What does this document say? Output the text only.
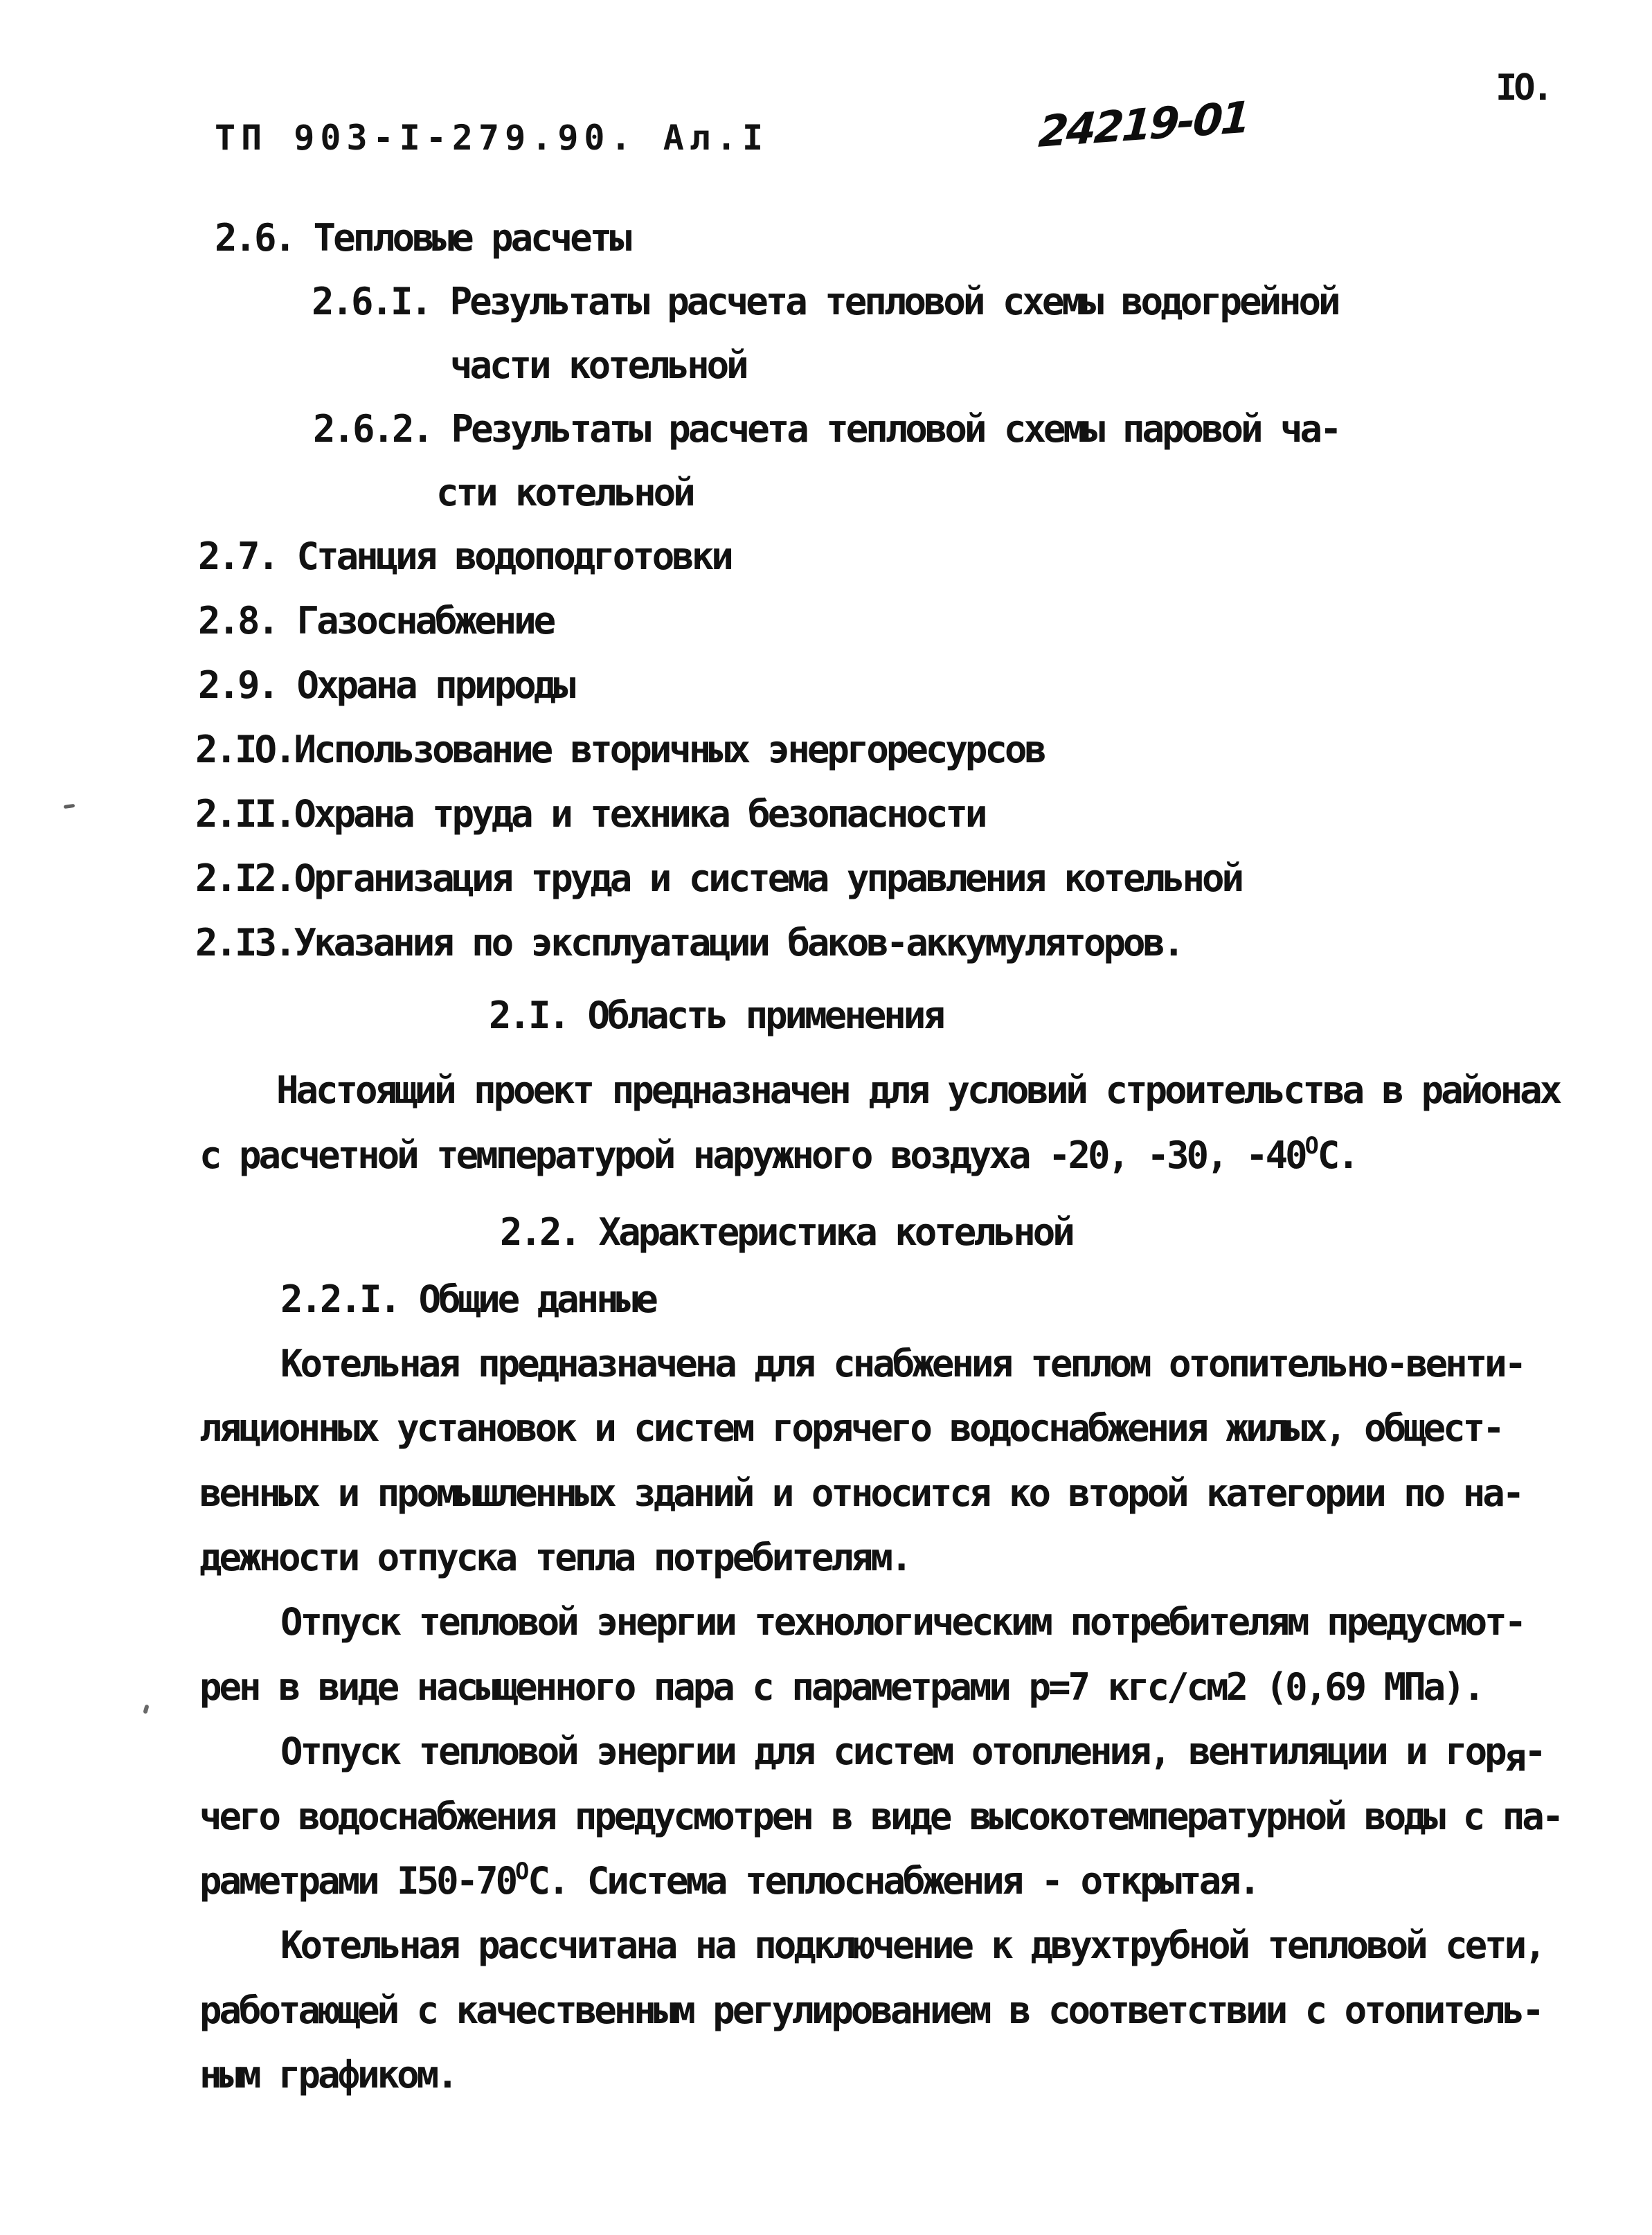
IO.
ТП 903-I-279.90. Ал.I	24219-01
2.6. Тепловые расчеты
2.6.I. Результаты расчета тепловой схемы водогрейной
части котельной
2.6.2. Результаты расчета тепловой схемы паровой ча-
сти котельной
2.7. Станция водоподготовки
2.8. Газоснабжение
2.9. Охрана природы
2.IO.Использование вторичных энергоресурсов
2.II.Охрана труда и техника безопасности
2.I2.Организация труда и система управления котельной
2.I3.Указания по эксплуатации баков-аккумуляторов.
2.I. Область применения
Настоящий проект предназначен для условий строительства в районах
с расчетной температурой наружного воздуха -20, -30, -40ОС.
2.2. Характеристика котельной
2.2.I. Общие данные
Котельная предназначена для снабжения теплом отопительно-венти-
ляционных установок и систем горячего водоснабжения жилых, общест-
венных и промышленных зданий и относится ко второй категории по на-
дежности отпуска тепла потребителям.
Отпуск тепловой энергии технологическим потребителям предусмот-
рен в виде насыщенного пара с параметрами р=7 кгс/см2 (0,69 МПа).
Отпуск тепловой энергии для систем отопления, вентиляции и горя-
чего водоснабжения предусмотрен в виде высокотемпературной воды с па-
раметрами I50-70ОС. Система теплоснабжения - открытая.
Котельная рассчитана на подключение к двухтрубной тепловой сети,
работающей с качественным регулированием в соответствии с отопитель-
ным графиком.
